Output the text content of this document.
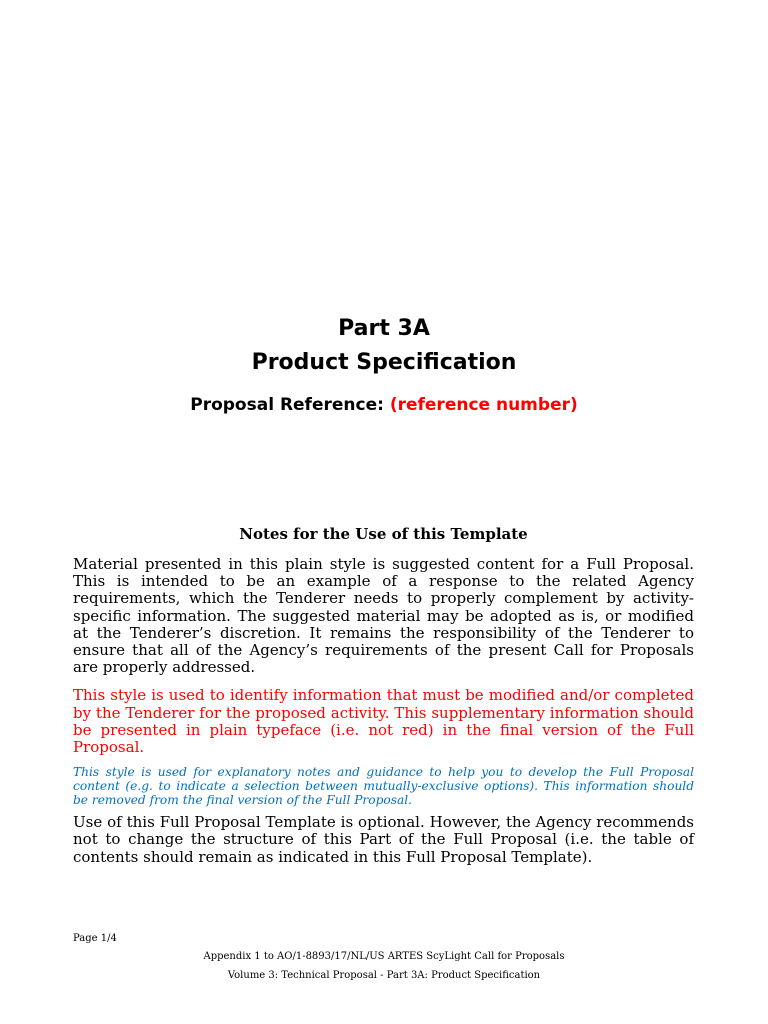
Part 3A
Product Specification
Proposal Reference: (reference number)
Notes for the Use of this Template

Material presented in this plain style is suggested content for a Full Proposal. This is intended to be an example of a response to the related Agency requirements, which the Tenderer needs to properly complement by activity-specific information. The suggested material may be adopted as is, or modified at the Tenderer’s discretion. It remains the responsibility of the Tenderer to ensure that all of the Agency’s requirements of the present Call for Proposals are properly addressed.

This style is used to identify information that must be modified and/or completed by the Tenderer for the proposed activity. This supplementary information should be presented in plain typeface (i.e. not red) in the final version of the Full Proposal.

This style is used for explanatory notes and guidance to help you to develop the Full Proposal content (e.g. to indicate a selection between mutually-exclusive options). This information should be removed from the final version of the Full Proposal.

Use of this Full Proposal Template is optional. However, the Agency recommends not to change the structure of this Part of the Full Proposal (i.e. the table of contents should remain as indicated in this Full Proposal Template).

Page 1/4
Appendix 1 to AO/1-8893/17/NL/US ARTES ScyLight Call for Proposals
Volume 3: Technical Proposal - Part 3A: Product Specification
